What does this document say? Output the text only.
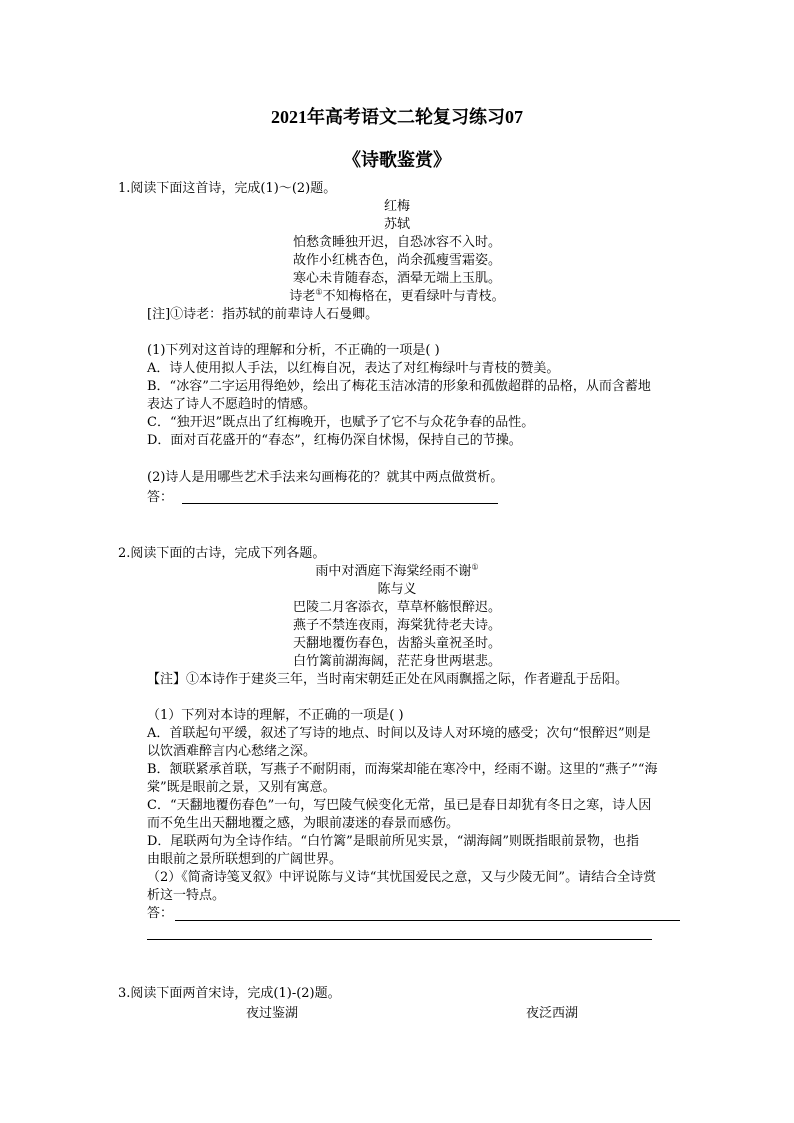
2021年高考语文二轮复习练习07
《诗歌鉴赏》
1.阅读下面这首诗，完成(1)～(2)题。
红梅
苏轼
怕愁贪睡独开迟，自恐冰容不入时。
故作小红桃杏色，尚余孤瘦雪霜姿。
寒心未肯随春态，酒晕无端上玉肌。
诗老①不知梅格在，更看绿叶与青枝。
[注]①诗老：指苏轼的前辈诗人石曼卿。
(1)下列对这首诗的理解和分析，不正确的一项是( )
A．诗人使用拟人手法，以红梅自况，表达了对红梅绿叶与青枝的赞美。
B．“冰容”二字运用得绝妙，绘出了梅花玉洁冰清的形象和孤傲超群的品格，从而含蓄地
表达了诗人不愿趋时的情感。
C．“独开迟”既点出了红梅晚开，也赋予了它不与众花争春的品性。
D．面对百花盛开的“春态”，红梅仍深自怵惕，保持自己的节操。
(2)诗人是用哪些艺术手法来勾画梅花的？就其中两点做赏析。
答：
2.阅读下面的古诗，完成下列各题。
雨中对酒庭下海棠经雨不谢①
陈与义
巴陵二月客添衣，草草杯觞恨醉迟。
燕子不禁连夜雨，海棠犹待老夫诗。
天翻地覆伤春色，齿豁头童祝圣时。
白竹篱前湖海阔，茫茫身世两堪悲。
【注】①本诗作于建炎三年，当时南宋朝廷正处在风雨飘摇之际，作者避乱于岳阳。
（1）下列对本诗的理解，不正确的一项是( )
A．首联起句平缓，叙述了写诗的地点、时间以及诗人对环境的感受；次句“恨醉迟”则是
以饮酒难醉言内心愁绪之深。
B．颔联紧承首联，写燕子不耐阴雨，而海棠却能在寒冷中，经雨不谢。这里的“燕子”“海
棠”既是眼前之景，又别有寓意。
C．“天翻地覆伤春色”一句，写巴陵气候变化无常，虽已是春日却犹有冬日之寒，诗人因
而不免生出天翻地覆之感，为眼前凄迷的春景而感伤。
D．尾联两句为全诗作结。“白竹篱”是眼前所见实景，“湖海阔”则既指眼前景物，也指
由眼前之景所联想到的广阔世界。
（2）《简斋诗笺叉叙》中评说陈与义诗“其忧国爱民之意，又与少陵无间”。请结合全诗赏
析这一特点。
答：
3.阅读下面两首宋诗，完成(1)-(2)题。
夜过鉴湖	夜泛西湖
